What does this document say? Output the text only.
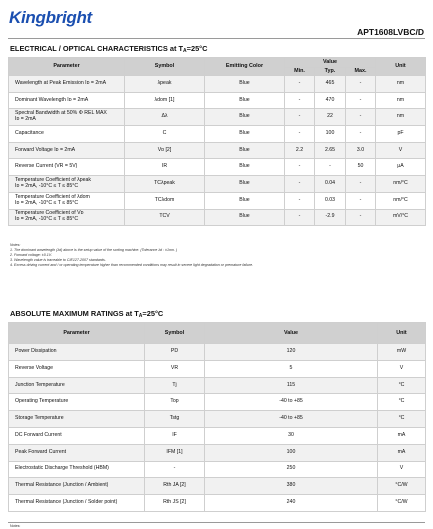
Kingbright
APT1608LVBC/D
ELECTRICAL / OPTICAL CHARACTERISTICS at $T_A=25^\circ C$
Parameter	Symbol	Emitting Color	Value			Unit
			Min.	Typ.	Max.	
Wavelength at Peak Emission Iᴅ = 2mA	λpeak	Blue	-	465	-	nm
Dominant Wavelength Iᴅ = 2mA	λdom [1]	Blue	-	470	-	nm
Spectral Bandwidth at 50% Φ REL MAX
Iᴅ = 2mA	Δλ	Blue	-	22	-	nm
Capacitance	C	Blue	-	100	-	pF
Forward Voltage Iᴅ = 2mA	Vᴅ [2]	Blue	2.2	2.65	3.0	V
Reverse Current (VR = 5V)	IR	Blue	-	-	50	μA
Temperature Coefficient of λpeak
Iᴅ = 2mA, -10°C ≤ T ≤ 85°C	TCλpeak	Blue	-	0.04	-	nm/°C
Temperature Coefficient of λdom
Iᴅ = 2mA, -10°C ≤ T ≤ 85°C	TCλdom	Blue	-	0.03	-	nm/°C
Temperature Coefficient of Vᴅ
Iᴅ = 2mA, -10°C ≤ T ≤ 85°C	TCV	Blue	-	-2.9	-	mV/°C
Notes:
1. The dominant wavelength (λd) above is the setup value of the sorting machine. (Tolerance λd : ±1nm. )
2. Forward voltage: ±0.1V.
3. Wavelength value is traceable to CIE127-2007 standards.
4. Excess driving current and / or operating temperature higher than recommended conditions may result in severe light degradation or premature failure.
ABSOLUTE MAXIMUM RATINGS at $T_A=25^\circ C$
Parameter	Symbol	Value	Unit
Power Dissipation	PD	120	mW
Reverse Voltage	VR	5	V
Junction Temperature	Tj	115	°C
Operating Temperature	Top	-40 to +85	°C
Storage Temperature	Tstg	-40 to +85	°C
DC Forward Current	IF	30	mA
Peak Forward Current	IFM [1]	100	mA
Electrostatic Discharge Threshold (HBM)	-	250	V
Thermal Resistance (Junction / Ambient)	Rth JA [2]	380	°C/W
Thermal Resistance (Junction / Solder point)	Rth JS [2]	240	°C/W
Notes:
